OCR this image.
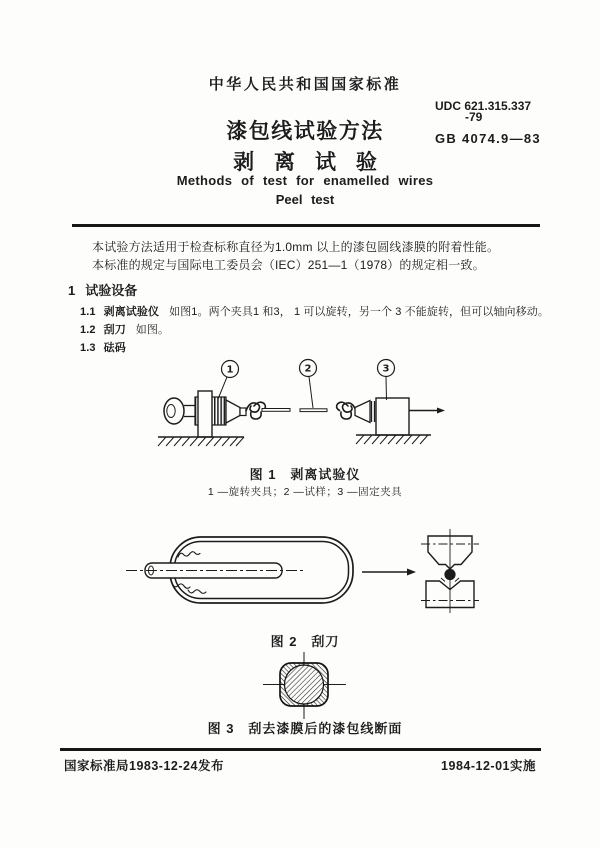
中华人民共和国国家标准
漆包线试验方法
剥离试验
Methods of test for enamelled wires
Peel test
UDC 621.315.337
-79
GB 4074.9—83
本试验方法适用于检查标称直径为1.0mm 以上的漆包圆线漆膜的附着性能。
本标准的规定与国际电工委员会（IEC）251—1（1978）的规定相一致。
1 试验设备
1.1 剥离试验仪 如图1。两个夹具1 和3， 1 可以旋转，另一个 3 不能旋转，但可以轴向移动。
1.2 刮刀 如图。
1.3 砝码
1	2	3
图 1　剥离试验仪
1 —旋转夹具；2 —试样；3 —固定夹具
图 2　刮刀
图 3　刮去漆膜后的漆包线断面
国家标准局1983-12-24发布	1984-12-01实施
